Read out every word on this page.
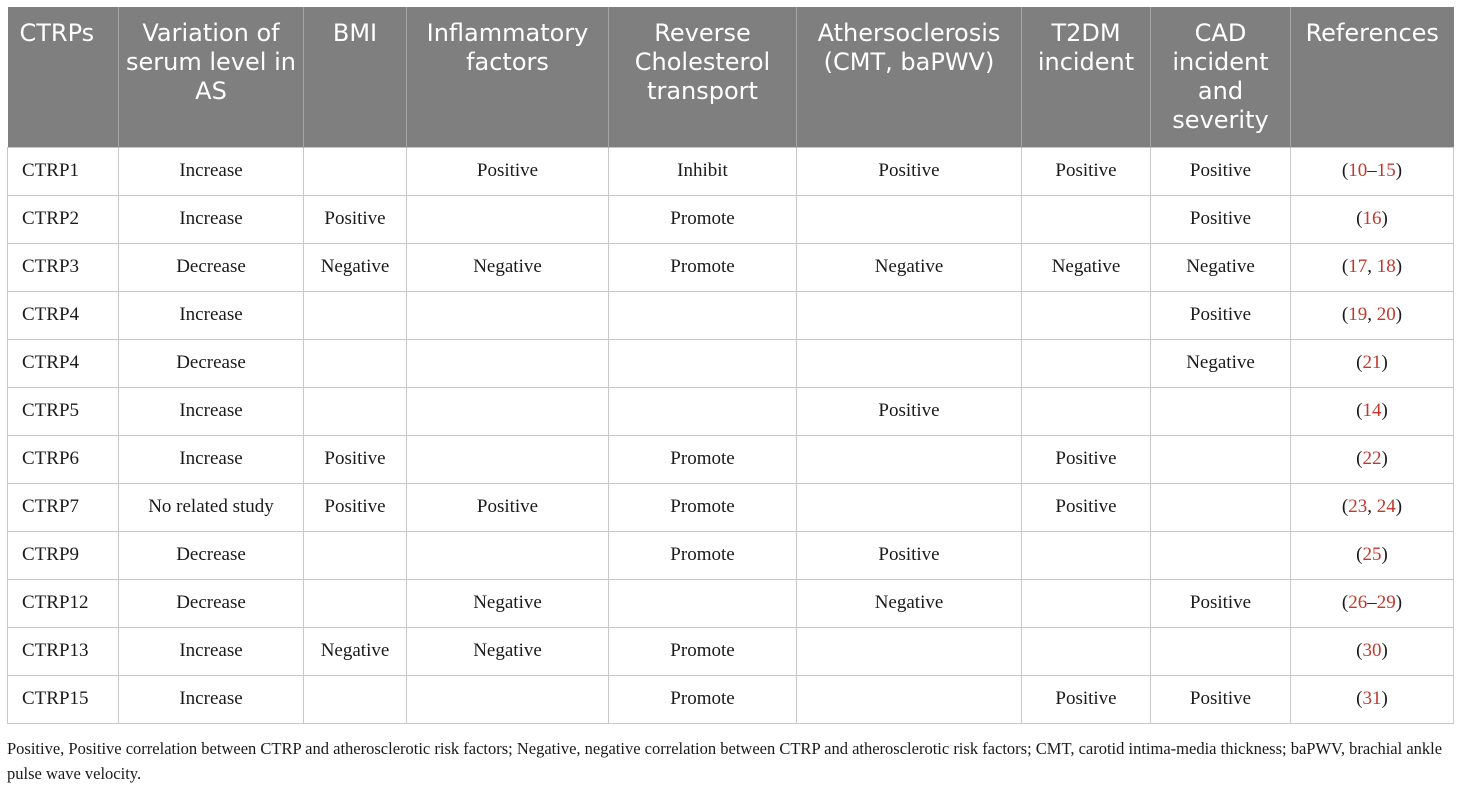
CTRPs	Variation of serum level in AS	BMI	Inflammatory factors	Reverse Cholesterol transport	Athersoclerosis (CMT, baPWV)	T2DM incident	CAD incident and severity	References
CTRP1	Increase		Positive	Inhibit	Positive	Positive	Positive	(10–15)
CTRP2	Increase	Positive		Promote			Positive	(16)
CTRP3	Decrease	Negative	Negative	Promote	Negative	Negative	Negative	(17, 18)
CTRP4	Increase						Positive	(19, 20)
CTRP4	Decrease						Negative	(21)
CTRP5	Increase				Positive			(14)
CTRP6	Increase	Positive		Promote		Positive		(22)
CTRP7	No related study	Positive	Positive	Promote		Positive		(23, 24)
CTRP9	Decrease			Promote	Positive			(25)
CTRP12	Decrease		Negative		Negative		Positive	(26–29)
CTRP13	Increase	Negative	Negative	Promote				(30)
CTRP15	Increase			Promote		Positive	Positive	(31)

Positive, Positive correlation between CTRP and atherosclerotic risk factors; Negative, negative correlation between CTRP and atherosclerotic risk factors; CMT, carotid intima-media thickness; baPWV, brachial ankle pulse wave velocity.
